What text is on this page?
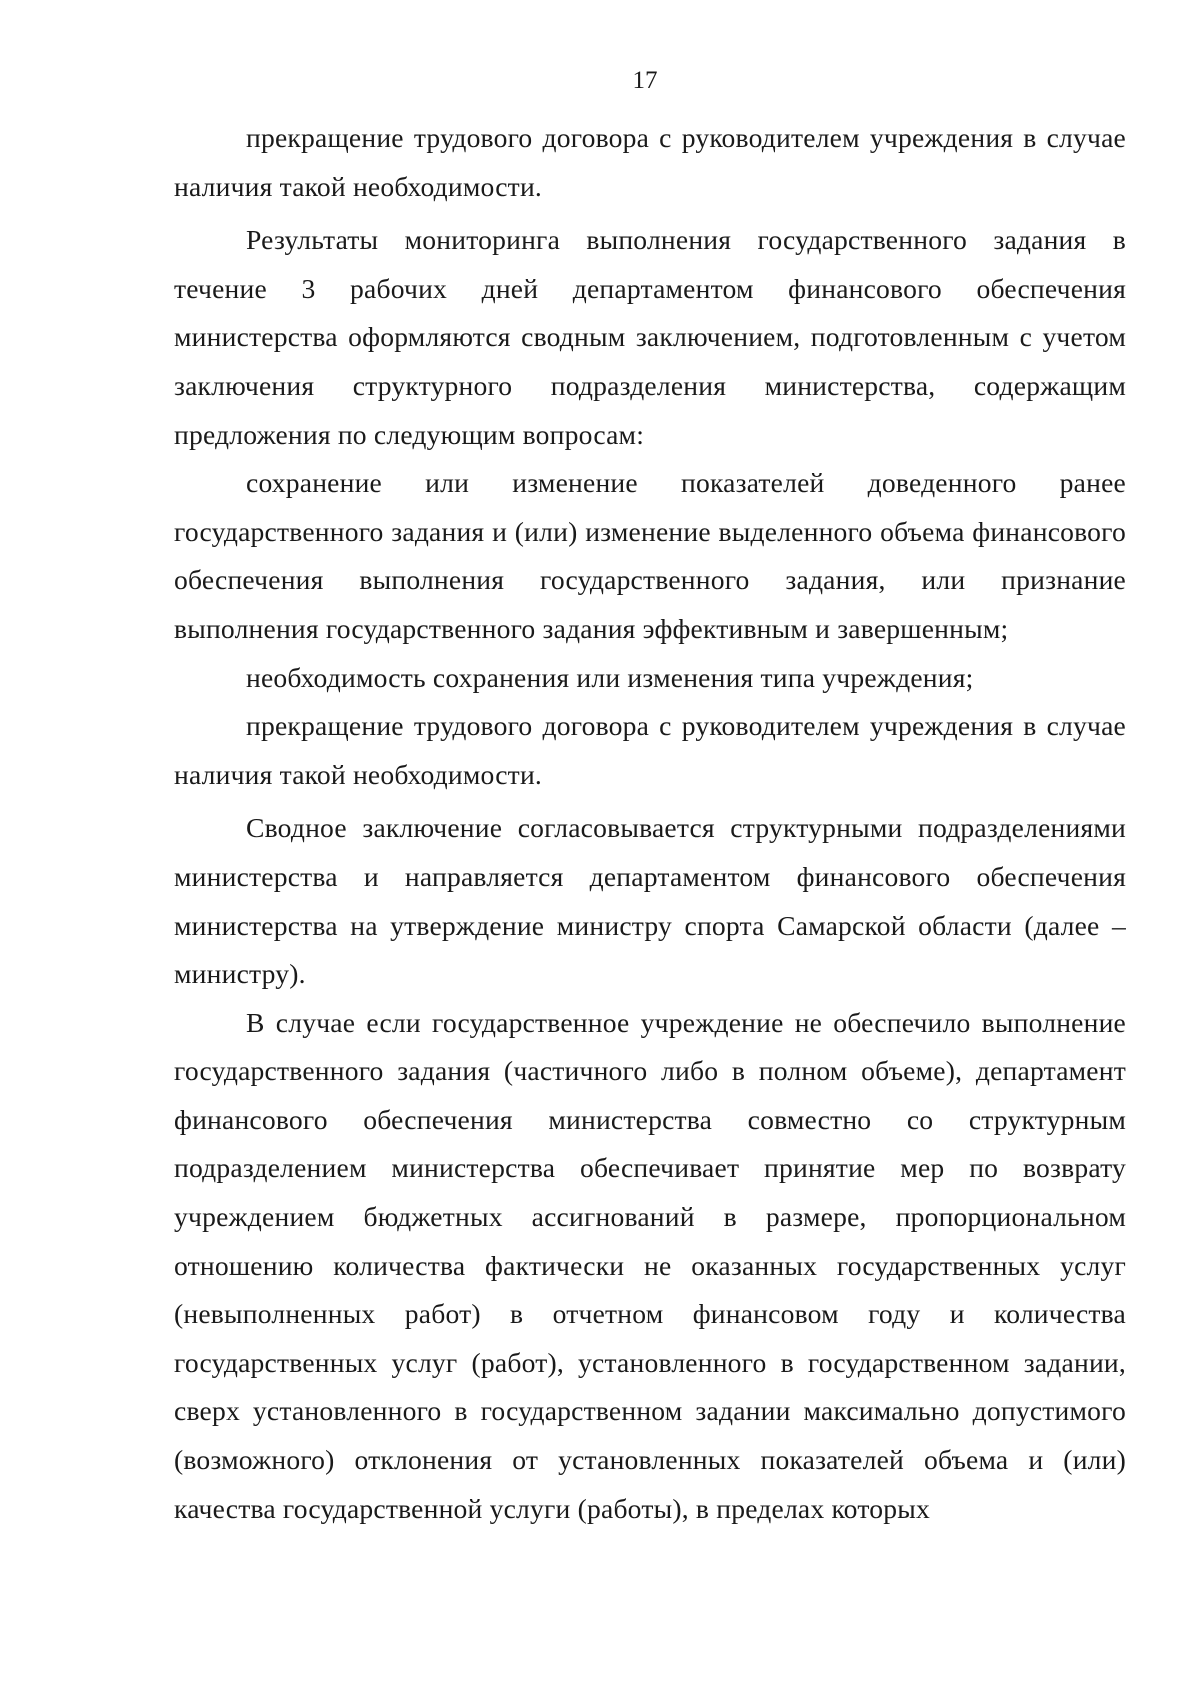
17

прекращение трудового договора с руководителем учреждения в случае наличия такой необходимости.

Результаты мониторинга выполнения государственного задания в течение 3 рабочих дней департаментом финансового обеспечения министерства оформляются сводным заключением, подготовленным с учетом заключения структурного подразделения министерства, содержащим предложения по следующим вопросам:

сохранение или изменение показателей доведенного ранее государственного задания и (или) изменение выделенного объема финансового обеспечения выполнения государственного задания, или признание выполнения государственного задания эффективным и завершенным;

необходимость сохранения или изменения типа учреждения;

прекращение трудового договора с руководителем учреждения в случае наличия такой необходимости.

Сводное заключение согласовывается структурными подразделениями министерства и направляется департаментом финансового обеспечения министерства на утверждение министру спорта Самарской области (далее – министру).

В случае если государственное учреждение не обеспечило выполнение государственного задания (частичного либо в полном объеме), департамент финансового обеспечения министерства совместно со структурным подразделением министерства обеспечивает принятие мер по возврату учреждением бюджетных ассигнований в размере, пропорциональном отношению количества фактически не оказанных государственных услуг (невыполненных работ) в отчетном финансовом году и количества государственных услуг (работ), установленного в государственном задании, сверх установленного в государственном задании максимально допустимого (возможного) отклонения от установленных показателей объема и (или) качества государственной услуги (работы), в пределах которых
